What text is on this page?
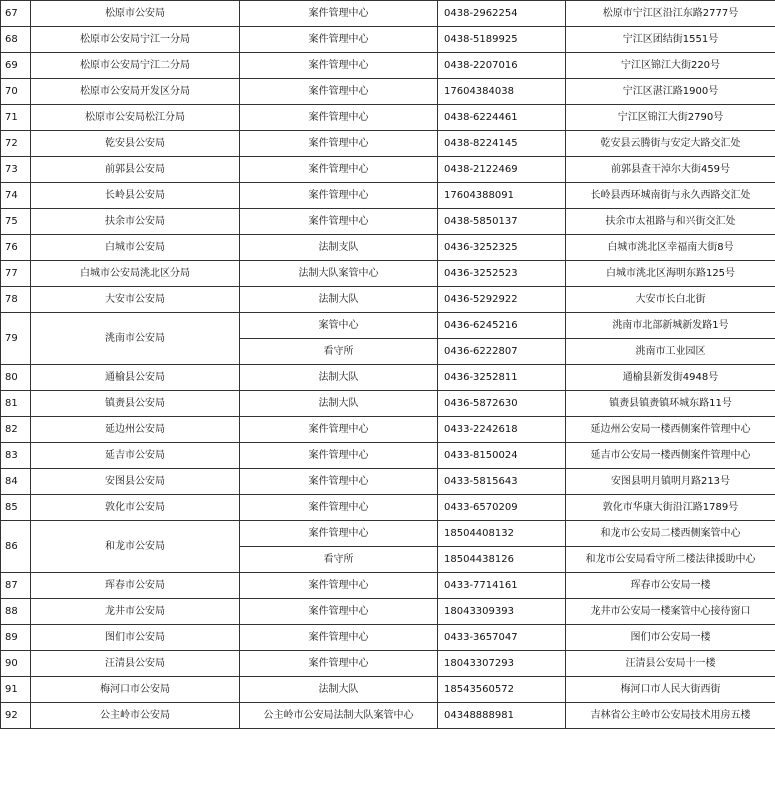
67	松原市公安局	案件管理中心	0438-2962254	松原市宁江区沿江东路2777号
68	松原市公安局宁江一分局	案件管理中心	0438-5189925	宁江区团结街1551号
69	松原市公安局宁江二分局	案件管理中心	0438-2207016	宁江区锦江大街220号
70	松原市公安局开发区分局	案件管理中心	17604384038	宁江区湛江路1900号
71	松原市公安局松江分局	案件管理中心	0438-6224461	宁江区锦江大街2790号
72	乾安县公安局	案件管理中心	0438-8224145	乾安县云腾街与安定大路交汇处
73	前郭县公安局	案件管理中心	0438-2122469	前郭县查干淖尔大街459号
74	长岭县公安局	案件管理中心	17604388091	长岭县西环城南街与永久西路交汇处
75	扶余市公安局	案件管理中心	0438-5850137	扶余市太祖路与和兴街交汇处
76	白城市公安局	法制支队	0436-3252325	白城市洮北区幸福南大街8号
77	白城市公安局洮北区分局	法制大队案管中心	0436-3252523	白城市洮北区海明东路125号
78	大安市公安局	法制大队	0436-5292922	大安市长白北街
79	洮南市公安局	案管中心	0436-6245216	洮南市北部新城新发路1号
		看守所	0436-6222807	洮南市工业园区
80	通榆县公安局	法制大队	0436-3252811	通榆县新发街4948号
81	镇赉县公安局	法制大队	0436-5872630	镇赉县镇赉镇环城东路11号
82	延边州公安局	案件管理中心	0433-2242618	延边州公安局一楼西侧案件管理中心
83	延吉市公安局	案件管理中心	0433-8150024	延吉市公安局一楼西侧案件管理中心
84	安图县公安局	案件管理中心	0433-5815643	安图县明月镇明月路213号
85	敦化市公安局	案件管理中心	0433-6570209	敦化市华康大街沿江路1789号
86	和龙市公安局	案件管理中心	18504408132	和龙市公安局二楼西侧案管中心
		看守所	18504438126	和龙市公安局看守所二楼法律援助中心
87	珲春市公安局	案件管理中心	0433-7714161	珲春市公安局一楼
88	龙井市公安局	案件管理中心	18043309393	龙井市公安局一楼案管中心接待窗口
89	图们市公安局	案件管理中心	0433-3657047	图们市公安局一楼
90	汪清县公安局	案件管理中心	18043307293	汪清县公安局十一楼
91	梅河口市公安局	法制大队	18543560572	梅河口市人民大街西街
92	公主岭市公安局	公主岭市公安局法制大队案管中心	04348888981	吉林省公主岭市公安局技术用房五楼
